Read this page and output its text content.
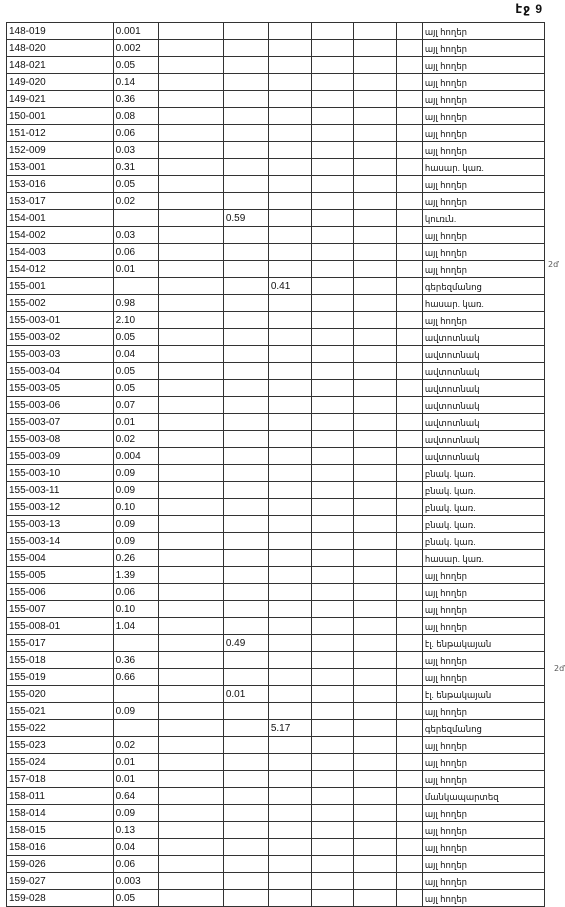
էջ 9
2ď
2ď
148-019	0.001							այլ հողեր
148-020	0.002							այլ հողեր
148-021	0.05							այլ հողեր
149-020	0.14							այլ հողեր
149-021	0.36							այլ հողեր
150-001	0.08							այլ հողեր
151-012	0.06							այլ հողեր
152-009	0.03							այլ հողեր
153-001	0.31							հասար. կառ.
153-016	0.05							այլ հողեր
153-017	0.02							այլ հողեր
154-001			0.59					կուռւն.
154-002	0.03							այլ հողեր
154-003	0.06							այլ հողեր
154-012	0.01							այլ հողեր
155-001				0.41				գերեզմանոց
155-002	0.98							հասար. կառ.
155-003-01	2.10							այլ հողեր
155-003-02	0.05							ավտոտնակ
155-003-03	0.04							ավտոտնակ
155-003-04	0.05							ավտոտնակ
155-003-05	0.05							ավտոտնակ
155-003-06	0.07							ավտոտնակ
155-003-07	0.01							ավտոտնակ
155-003-08	0.02							ավտոտնակ
155-003-09	0.004							ավտոտնակ
155-003-10	0.09							բնակ. կառ.
155-003-11	0.09							բնակ. կառ.
155-003-12	0.10							բնակ. կառ.
155-003-13	0.09							բնակ. կառ.
155-003-14	0.09							բնակ. կառ.
155-004	0.26							հասար. կառ.
155-005	1.39							այլ հողեր
155-006	0.06							այլ հողեր
155-007	0.10							այլ հողեր
155-008-01	1.04							այլ հողեր
155-017			0.49					էլ. ենթակայան
155-018	0.36							այլ հողեր
155-019	0.66							այլ հողեր
155-020			0.01					էլ. ենթակայան
155-021	0.09							այլ հողեր
155-022				5.17				գերեզմանոց
155-023	0.02							այլ հողեր
155-024	0.01							այլ հողեր
157-018	0.01							այլ հողեր
158-011	0.64							մանկապարտեզ
158-014	0.09							այլ հողեր
158-015	0.13							այլ հողեր
158-016	0.04							այլ հողեր
159-026	0.06							այլ հողեր
159-027	0.003							այլ հողեր
159-028	0.05							այլ հողեր
